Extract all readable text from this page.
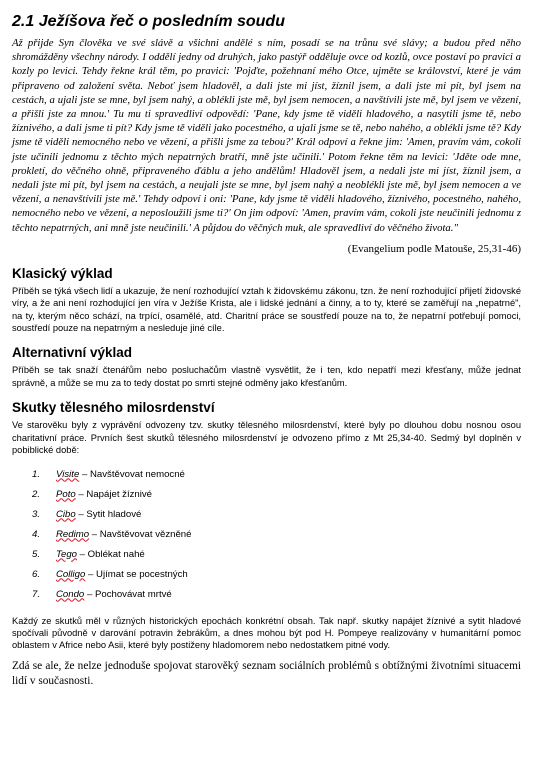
2.1 Ježíšova řeč o posledním soudu

Až přijde Syn člověka ve své slávě a všichni andělé s ním, posadí se na trůnu své slávy; a budou před něho shromážděny všechny národy. I oddělí jedny od druhých, jako pastýř odděluje ovce od kozlů, ovce postaví po pravici a kozly po levici. Tehdy řekne král těm, po pravici: 'Pojďte, požehnaní mého Otce, ujměte se království, které je vám připraveno od založení světa. Neboť jsem hladověl, a dali jste mi jíst, žíznil jsem, a dali jste mi pít, byl jsem na cestách, a ujali jste se mne, byl jsem nahý, a oblékli jste mě, byl jsem nemocen, a navštívili jste mě, byl jsem ve vězení, a přišli jste za mnou.' Tu mu ti spravedliví odpovědí: 'Pane, kdy jsme tě viděli hladového, a nasytili jsme tě, nebo žíznivého, a dali jsme ti pít? Kdy jsme tě viděli jako pocestného, a ujali jsme se tě, nebo nahého, a oblékli jsme tě? Kdy jsme tě viděli nemocného nebo ve vězení, a přišli jsme za tebou?' Král odpoví a řekne jim: 'Amen, pravím vám, cokoli jste učinili jednomu z těchto mých nepatrných bratří, mně jste učinili.' Potom řekne těm na levici: 'Jděte ode mne, prokletí, do věčného ohně, připraveného ďáblu a jeho andělům! Hladověl jsem, a nedali jste mi jíst, žíznil jsem, a nedali jste mi pít, byl jsem na cestách, a neujali jste se mne, byl jsem nahý a neoblékli jste mě, byl jsem nemocen a ve vězení, a nenavštívili jste mě.' Tehdy odpoví i oni: 'Pane, kdy jsme tě viděli hladového, žíznivého, pocestného, nahého, nemocného nebo ve vězení, a neposloužili jsme ti?' On jim odpoví: 'Amen, pravím vám, cokoli jste neučinili jednomu z těchto nepatrných, ani mně jste neučinili.' A půjdou do věčných muk, ale spravedliví do věčného života."

(Evangelium podle Matouše, 25,31-46)
Klasický výklad

Příběh se týká všech lidí a ukazuje, že není rozhodující vztah k židovskému zákonu, tzn. že není rozhodující přijetí židovské víry, a že ani není rozhodující jen víra v Ježíše Krista, ale i lidské jednání a činny, a to ty, které se zaměřují na „nepatrné", na ty, kterým něco schází, na trpící, osamělé, atd. Charitní práce se soustředí pouze na to, že nepatrní potřebují pomoci, soustředí pouze na nepatrným a nesleduje jiné cíle.

Alternativní výklad

Příběh se tak snaží čtenářům nebo posluchačům vlastně vysvětlit, že i ten, kdo nepatří mezi křesťany, může jednat správně, a může se mu za to tedy dostat po smrti stejné odměny jako křesťanům.

Skutky tělesného milosrdenství

Ve starověku byly z vyprávění odvozeny tzv. skutky tělesného milosrdenství, které byly po dlouhou dobu nosnou osou charitativní práce. Prvních šest skutků tělesného milosrdenství je odvozeno přímo z Mt 25,34-40. Sedmý byl doplněn v pobiblické době:

1. Visite – Navštěvovat nemocné
2. Poto – Napájet žíznivé
3. Cibo – Sytit hladové
4. Redimo – Navštěvovat vězněné
5. Tego – Oblékat nahé
6. Colligo – Ujímat se pocestných
7. Condo – Pochovávat mrtvé

Každý ze skutků měl v různých historických epochách konkrétní obsah. Tak např. skutky napájet žíznivé a sytit hladové spočívali původně v darování potravin žebrákům, a dnes mohou být pod H. Pompeye realizovány v humanitární pomoc oblastem v Africe nebo Asii, které byly postiženy hladomorem nebo nedostatkem pitné vody.

Zdá se ale, že nelze jednoduše spojovat starověký seznam sociálních problémů s obtížnými životními situacemi lidí v současnosti.
